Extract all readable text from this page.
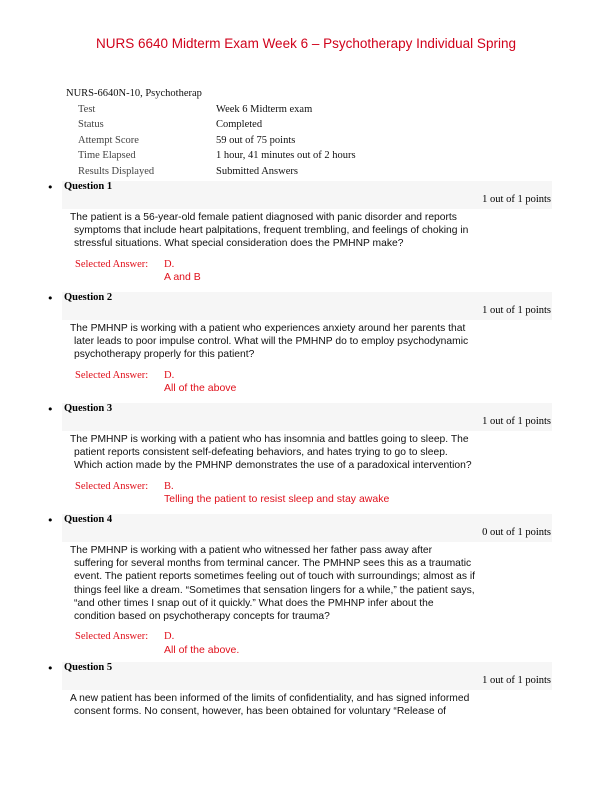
NURS 6640 Midterm Exam Week 6 – Psychotherapy Individual Spring
NURS-6640N-10, Psychotherap
Test	Week 6 Midterm exam
Status	Completed
Attempt Score	59 out of 75 points
Time Elapsed	1 hour, 41 minutes out of 2 hours
Results Displayed	Submitted Answers
• Question 1
1 out of 1 points
The patient is a 56-year-old female patient diagnosed with panic disorder and reports
symptoms that include heart palpitations, frequent trembling, and feelings of choking in
stressful situations. What special consideration does the PMHNP make?
Selected Answer:	D.
A and B
• Question 2
1 out of 1 points
The PMHNP is working with a patient who experiences anxiety around her parents that
later leads to poor impulse control. What will the PMHNP do to employ psychodynamic
psychotherapy properly for this patient?
Selected Answer:	D.
All of the above
• Question 3
1 out of 1 points
The PMHNP is working with a patient who has insomnia and battles going to sleep. The
patient reports consistent self-defeating behaviors, and hates trying to go to sleep.
Which action made by the PMHNP demonstrates the use of a paradoxical intervention?
Selected Answer:	B.
Telling the patient to resist sleep and stay awake
• Question 4
0 out of 1 points
The PMHNP is working with a patient who witnessed her father pass away after
suffering for several months from terminal cancer. The PMHNP sees this as a traumatic
event. The patient reports sometimes feeling out of touch with surroundings; almost as if
things feel like a dream. “Sometimes that sensation lingers for a while,” the patient says,
“and other times I snap out of it quickly.” What does the PMHNP infer about the
condition based on psychotherapy concepts for trauma?
Selected Answer:	D.
All of the above.
• Question 5
1 out of 1 points
A new patient has been informed of the limits of confidentiality, and has signed informed
consent forms. No consent, however, has been obtained for voluntary “Release of
